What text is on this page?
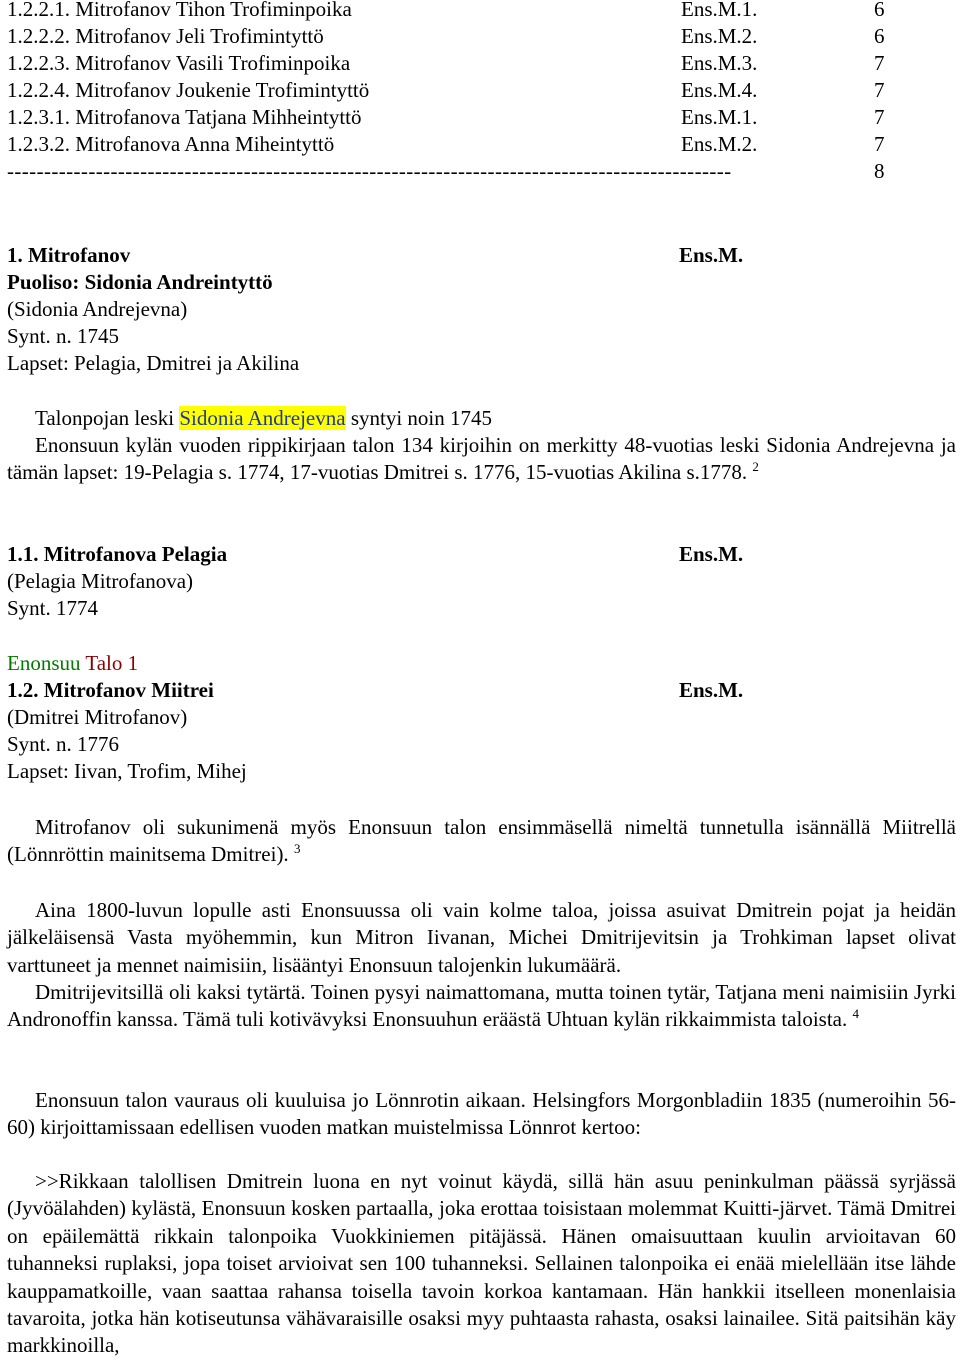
1.2.2.1. Mitrofanov Tihon Trofiminpoika	Ens.M.1.	6
1.2.2.2. Mitrofanov Jeli Trofimintyttö	Ens.M.2.	6
1.2.2.3. Mitrofanov Vasili Trofiminpoika	Ens.M.3.	7
1.2.2.4. Mitrofanov Joukenie Trofimintyttö	Ens.M.4.	7
1.2.3.1. Mitrofanova Tatjana Mihheintyttö	Ens.M.1.	7
1.2.3.2. Mitrofanova Anna Miheintyttö	Ens.M.2.	7
--------------------------------------------------------------------------------------------------	8
1. Mitrofanov	Ens.M.
Puoliso: Sidonia Andreintyttö
(Sidonia Andrejevna)
Synt. n. 1745
Lapset: Pelagia, Dmitrei ja Akilina
Talonpojan leski Sidonia Andrejevna syntyi noin 1745
Enonsuun kylän vuoden rippikirjaan talon 134 kirjoihin on merkitty 48-vuotias leski Sidonia Andrejevna ja tämän lapset: 19-Pelagia s. 1774, 17-vuotias Dmitrei s. 1776, 15-vuotias Akilina s.1778. $^2$
1.1. Mitrofanova Pelagia	Ens.M.
(Pelagia Mitrofanova)
Synt. 1774
Enonsuu Talo 1
1.2. Mitrofanov Miitrei	Ens.M.
(Dmitrei Mitrofanov)
Synt. n. 1776
Lapset: Iivan, Trofim, Mihej
Mitrofanov oli sukunimenä myös Enonsuun talon ensimmäsellä nimeltä tunnetulla isännällä Miitrellä (Lönnröttin mainitsema Dmitrei). $^3$
Aina 1800-luvun lopulle asti Enonsuussa oli vain kolme taloa, joissa asuivat Dmitrein pojat ja heidän jälkeläisensä Vasta myöhemmin, kun Mitron Iivanan, Michei Dmitrijevitsin ja Trohkiman lapset olivat varttuneet ja mennet naimisiin, lisääntyi Enonsuun talojenkin lukumäärä.
Dmitrijevitsillä oli kaksi tytärtä. Toinen pysyi naimattomana, mutta toinen tytär, Tatjana meni naimisiin Jyrki Andronoffin kanssa. Tämä tuli kotivävyksi Enonsuuhun eräästä Uhtuan kylän rikkaimmista taloista. $^4$
Enonsuun talon vauraus oli kuuluisa jo Lönnrotin aikaan. Helsingfors Morgonbladiin 1835 (numeroihin 56-60) kirjoittamissaan edellisen vuoden matkan muistelmissa Lönnrot kertoo:
>>Rikkaan talollisen Dmitrein luona en nyt voinut käydä, sillä hän asuu peninkulman päässä syrjässä (Jyvöälahden) kylästä, Enonsuun kosken partaalla, joka erottaa toisistaan molemmat Kuitti-järvet. Tämä Dmitrei on epäilemättä rikkain talonpoika Vuokkiniemen pitäjässä. Hänen omaisuuttaan kuulin arvioitavan 60 tuhanneksi ruplaksi, jopa toiset arvioivat sen 100 tuhanneksi. Sellainen talonpoika ei enää mielellään itse lähde kauppamatkoille, vaan saattaa rahansa toisella tavoin korkoa kantamaan. Hän hankkii itselleen monenlaisia tavaroita, jotka hän kotiseutunsa vähävaraisille osaksi myy puhtaasta rahasta, osaksi lainailee. Sitä paitsihän käy markkinoilla,
